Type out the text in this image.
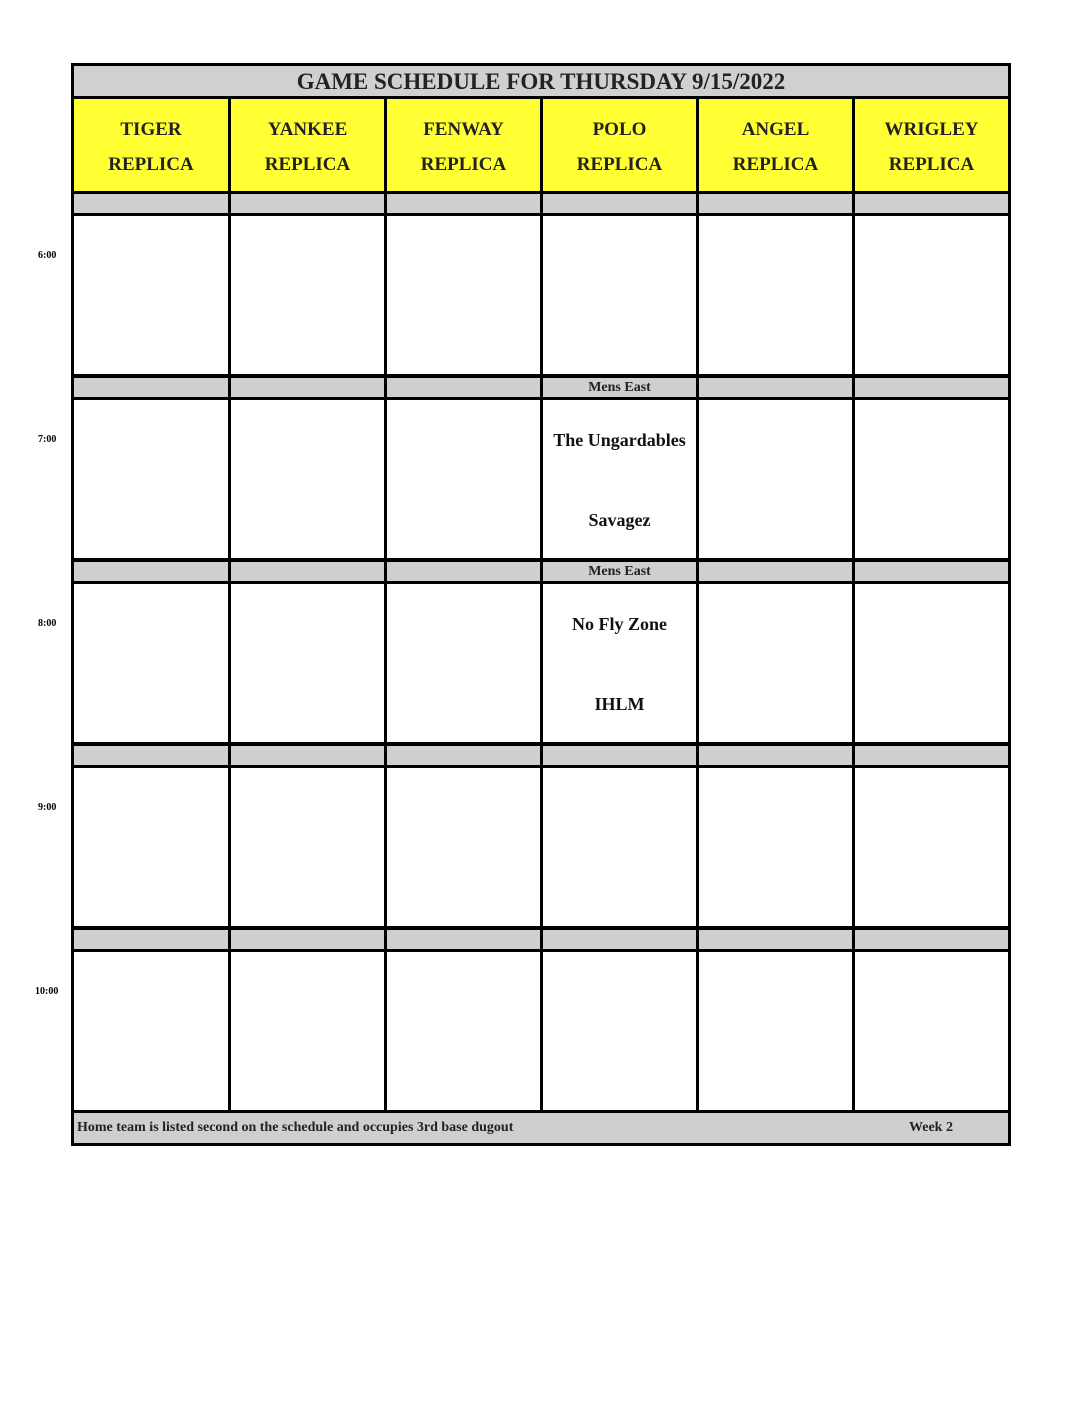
GAME SCHEDULE FOR THURSDAY 9/15/2022
Home team is listed second on the schedule and occupies 3rd base dugout	Week 2
TIGER
REPLICA
YANKEE
REPLICA
FENWAY
REPLICA
POLO
REPLICA
ANGEL
REPLICA
WRIGLEY
REPLICA
Mens East
The Ungardables
Savagez
Mens East
No Fly Zone
IHLM
6:00
7:00
8:00
9:00
10:00
